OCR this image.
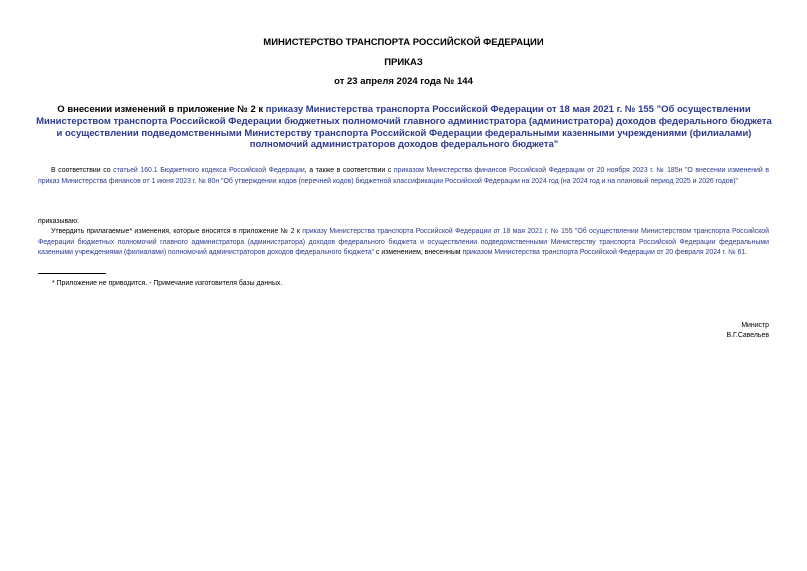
МИНИСТЕРСТВО ТРАНСПОРТА РОССИЙСКОЙ ФЕДЕРАЦИИ
ПРИКАЗ
от 23 апреля 2024 года № 144
О внесении изменений в приложение № 2 к приказу Министерства транспорта Российской Федерации от 18 мая 2021 г. № 155 "Об осуществлении Министерством транспорта Российской Федерации бюджетных полномочий главного администратора (администратора) доходов федерального бюджета и осуществлении подведомственными Министерству транспорта Российской Федерации федеральными казенными учреждениями (филиалами) полномочий администраторов доходов федерального бюджета"
В соответствии со статьей 160.1 Бюджетного кодекса Российской Федерации, а также в соответствии с приказом Министерства финансов Российской Федерации от 20 ноября 2023 г. № 185н "О внесении изменений в приказ Министерства финансов от 1 июня 2023 г. № 80н "Об утверждении кодов (перечней кодов) бюджетной классификации Российской Федерации на 2024 год (на 2024 год и на плановый период 2025 и 2026 годов)"
приказываю:
Утвердить прилагаемые* изменения, которые вносятся в приложение № 2 к приказу Министерства транспорта Российской Федерации от 18 мая 2021 г. № 155 "Об осуществлении Министерством транспорта Российской Федерации бюджетных полномочий главного администратора (администратора) доходов федерального бюджета и осуществлении подведомственными Министерству транспорта Российской Федерации федеральными казенными учреждениями (филиалами) полномочий администраторов доходов федерального бюджета" с изменением, внесенным приказом Министерства транспорта Российской Федерации от 20 февраля 2024 г. № 61.
* Приложение не приводится. - Примечание изготовителя базы данных.
Министр
В.Г.Савельев
